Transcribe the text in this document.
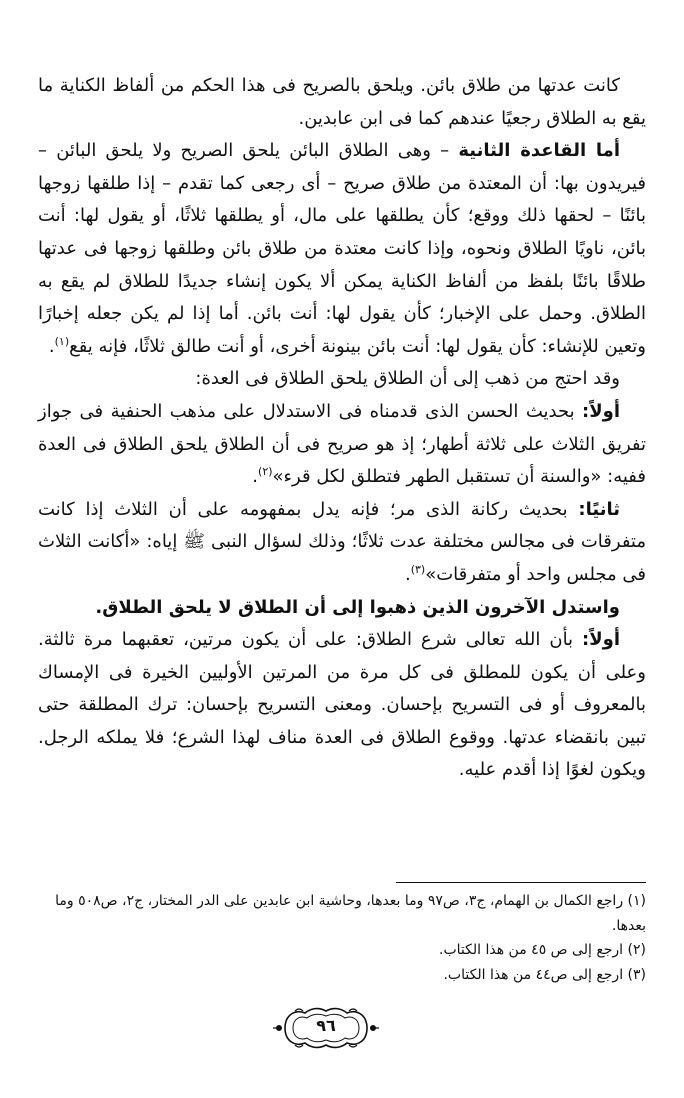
كانت عدتها من طلاق بائن. ويلحق بالصريح فى هذا الحكم من ألفاظ الكناية ما يقع به الطلاق رجعيًا عندهم كما فى ابن عابدين.

أما القاعدة الثانية – وهى الطلاق البائن يلحق الصريح ولا يلحق البائن – فيريدون بها: أن المعتدة من طلاق صريح – أى رجعى كما تقدم – إذا طلقها زوجها بائنًا – لحقها ذلك ووقع؛ كأن يطلقها على مال، أو يطلقها ثلاثًا، أو يقول لها: أنت بائن، ناويًا الطلاق ونحوه، وإذا كانت معتدة من طلاق بائن وطلقها زوجها فى عدتها طلاقًا بائنًا بلفظ من ألفاظ الكناية يمكن ألا يكون إنشاء جديدًا للطلاق لم يقع به الطلاق. وحمل على الإخبار؛ كأن يقول لها: أنت بائن. أما إذا لم يكن جعله إخبارًا وتعين للإنشاء: كأن يقول لها: أنت بائن بينونة أخرى، أو أنت طالق ثلاثًا، فإنه يقع$^{(١)}$.

وقد احتج من ذهب إلى أن الطلاق يلحق الطلاق فى العدة:

أولاً: بحديث الحسن الذى قدمناه فى الاستدلال على مذهب الحنفية فى جواز تفريق الثلاث على ثلاثة أطهار؛ إذ هو صريح فى أن الطلاق يلحق الطلاق فى العدة ففيه: «والسنة أن تستقبل الطهر فتطلق لكل قرء»$^{(٢)}$.

ثانيًا: بحديث ركانة الذى مر؛ فإنه يدل بمفهومه على أن الثلاث إذا كانت متفرقات فى مجالس مختلفة عدت ثلاثًا؛ وذلك لسؤال النبى ﷺ إياه: «أكانت الثلاث فى مجلس واحد أو متفرقات»$^{(٣)}$.

واستدل الآخرون الذين ذهبوا إلى أن الطلاق لا يلحق الطلاق.

أولاً: بأن الله تعالى شرع الطلاق: على أن يكون مرتين، تعقبهما مرة ثالثة. وعلى أن يكون للمطلق فى كل مرة من المرتين الأوليين الخيرة فى الإمساك بالمعروف أو فى التسريح بإحسان. ومعنى التسريح بإحسان: ترك المطلقة حتى تبين بانقضاء عدتها. ووقوع الطلاق فى العدة مناف لهذا الشرع؛ فلا يملكه الرجل. ويكون لغوًا إذا أقدم عليه.

(١) راجع الكمال بن الهمام، ج٣، ص٩٧ وما بعدها، وحاشية ابن عابدين على الدر المختار، ج٢، ص٥٠٨ وما بعدها.

(٢) ارجع إلى ص ٤٥ من هذا الكتاب.

(٣) ارجع إلى ص٤٤ من هذا الكتاب.

٩٦
